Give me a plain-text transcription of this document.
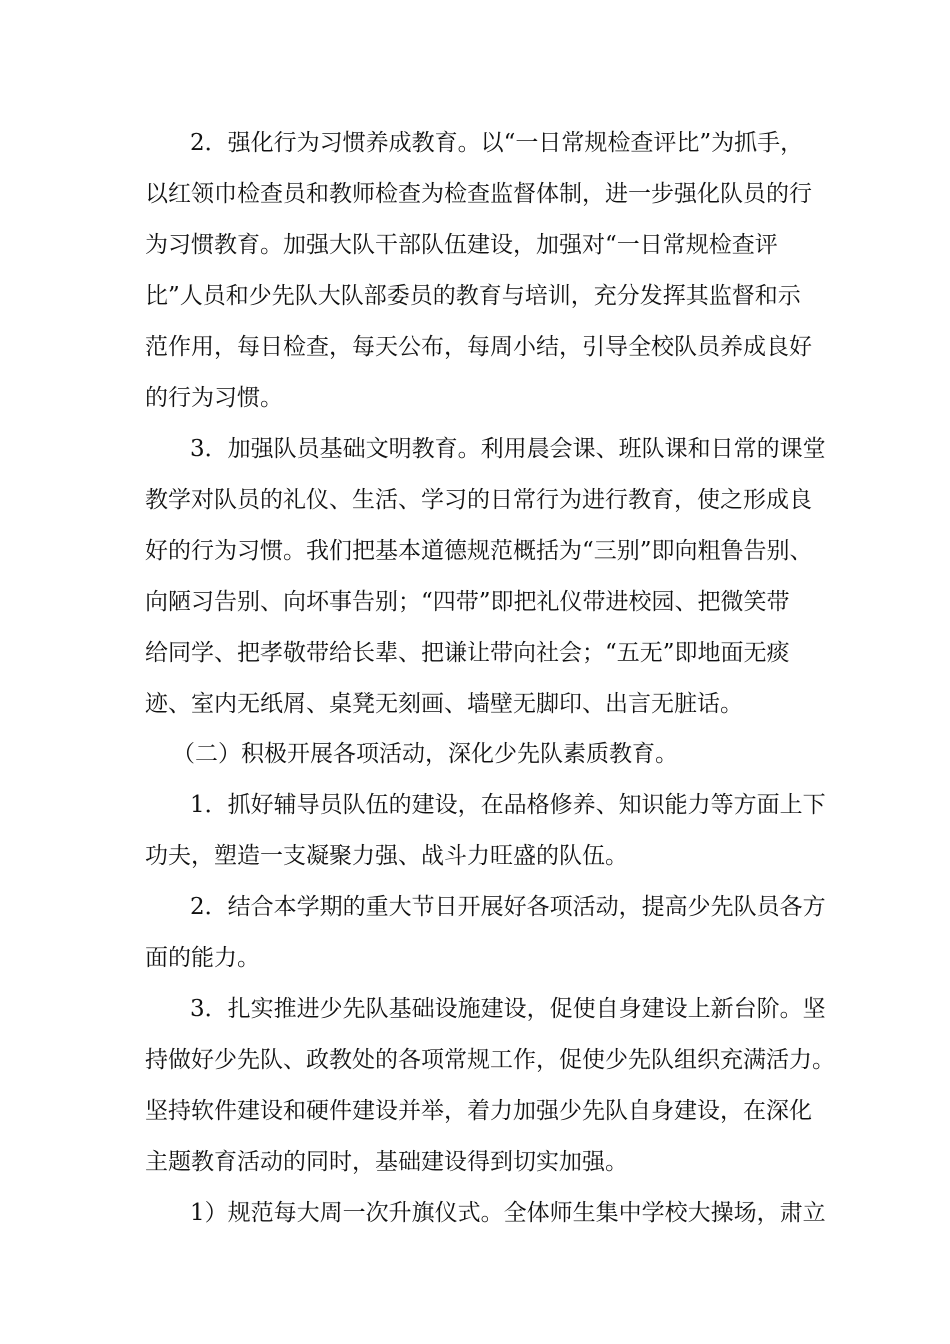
2．强化行为习惯养成教育。以“一日常规检查评比”为抓手，
以红领巾检查员和教师检查为检查监督体制，进一步强化队员的行
为习惯教育。加强大队干部队伍建设，加强对“一日常规检查评
比”人员和少先队大队部委员的教育与培训，充分发挥其监督和示
范作用，每日检查，每天公布，每周小结，引导全校队员养成良好
的行为习惯。
3．加强队员基础文明教育。利用晨会课、班队课和日常的课堂
教学对队员的礼仪、生活、学习的日常行为进行教育，使之形成良
好的行为习惯。我们把基本道德规范概括为“三别”即向粗鲁告别、
向陋习告别、向坏事告别；“四带”即把礼仪带进校园、把微笑带
给同学、把孝敬带给长辈、把谦让带向社会；“五无”即地面无痰
迹、室内无纸屑、桌凳无刻画、墙壁无脚印、出言无脏话。
（二）积极开展各项活动，深化少先队素质教育。
1．抓好辅导员队伍的建设，在品格修养、知识能力等方面上下
功夫，塑造一支凝聚力强、战斗力旺盛的队伍。
2．结合本学期的重大节日开展好各项活动，提高少先队员各方
面的能力。
3．扎实推进少先队基础设施建设，促使自身建设上新台阶。坚
持做好少先队、政教处的各项常规工作，促使少先队组织充满活力。
坚持软件建设和硬件建设并举，着力加强少先队自身建设，在深化
主题教育活动的同时，基础建设得到切实加强。
1）规范每大周一次升旗仪式。全体师生集中学校大操场，肃立
